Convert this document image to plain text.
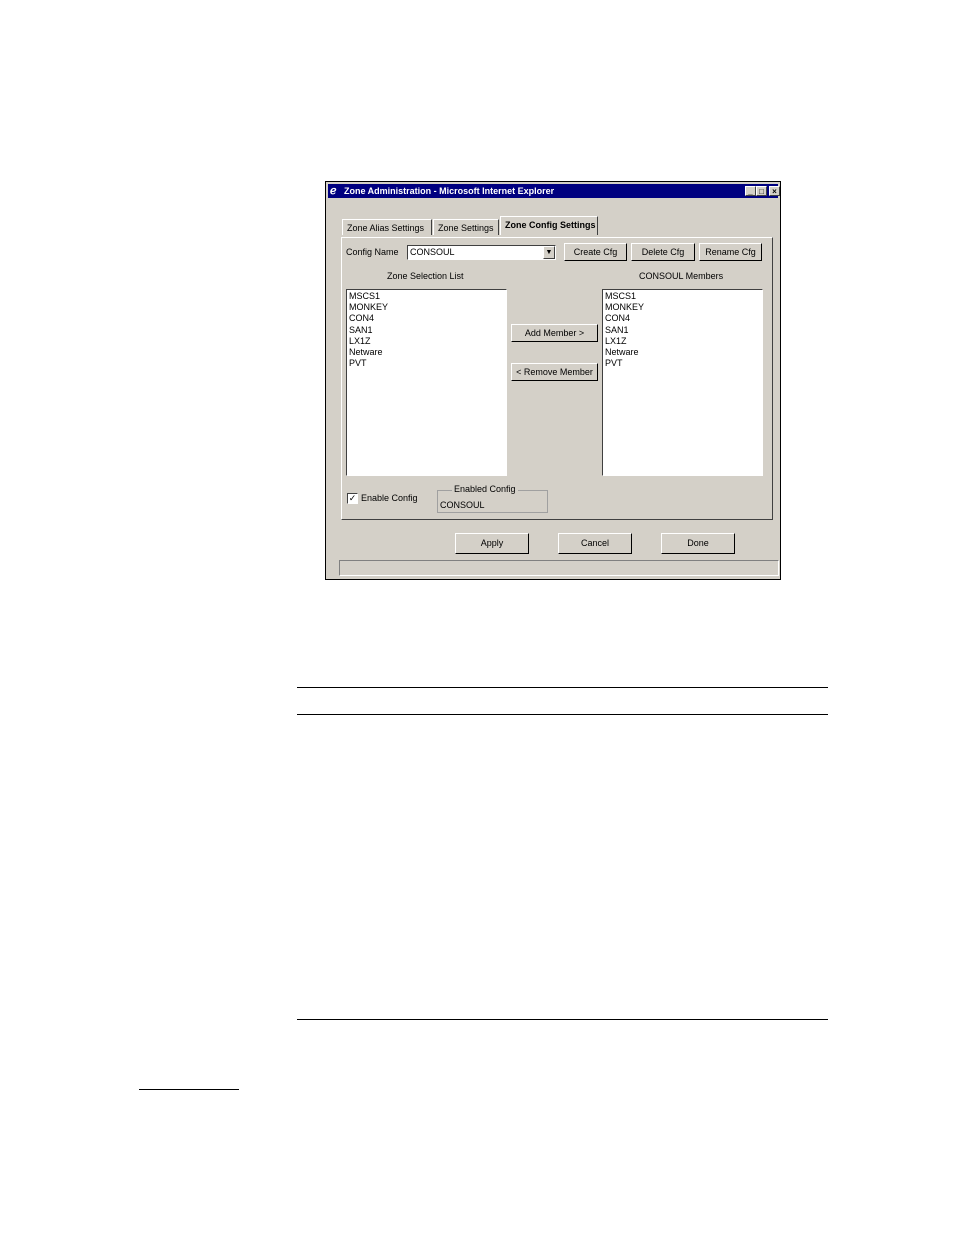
ℯ Zone Administration - Microsoft Internet Explorer	_ □	×
Zone Alias Settings	Zone Settings	Zone Config Settings
Config Name CONSOUL	▼	Create Cfg	Delete Cfg	Rename Cfg
Zone Selection List	CONSOUL Members
MSCS1
MONKEY
CON4
SAN1
LX1Z
Netware
PVT
Add Member >
< Remove Member
MSCS1
MONKEY
CON4
SAN1
LX1Z
Netware
PVT
✓ Enable Config
Enabled Config
CONSOUL
Apply	Cancel	Done
